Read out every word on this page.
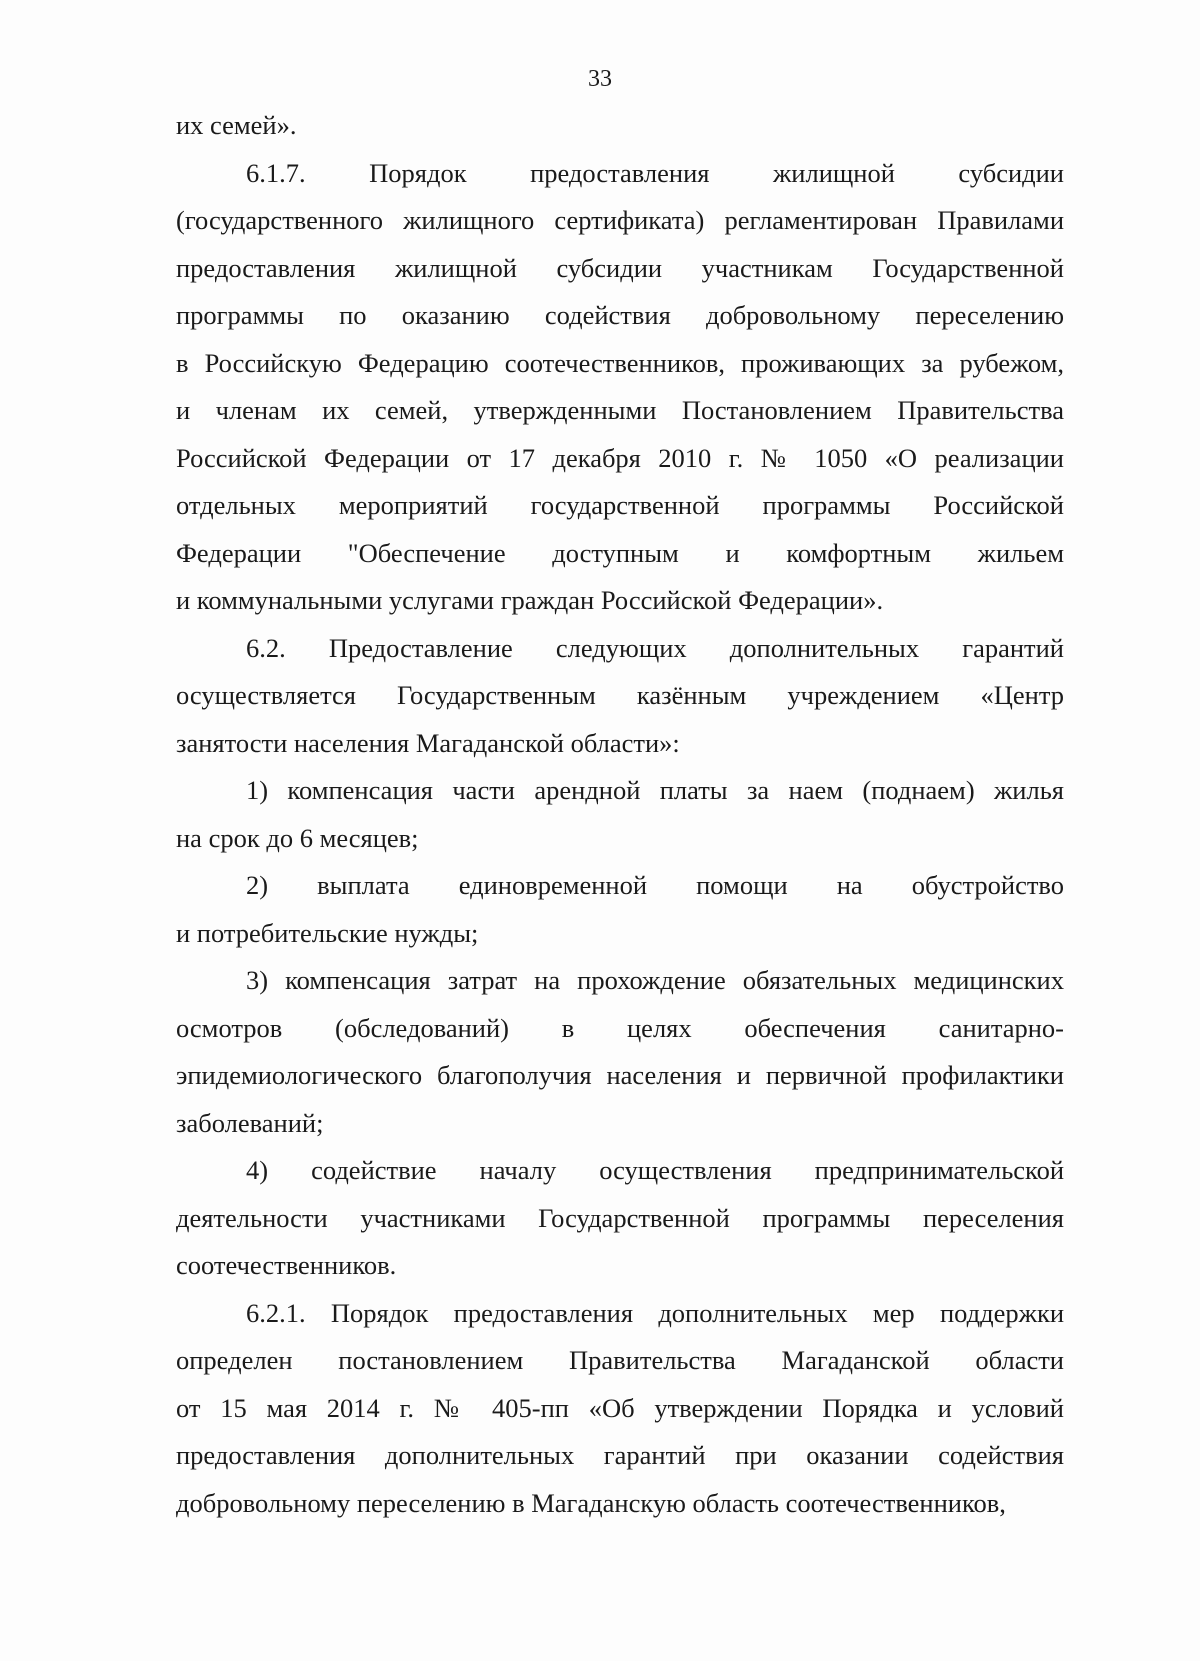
33
их семей».
6.1.7. Порядок предоставления жилищной субсидии
(государственного жилищного сертификата) регламентирован Правилами
предоставления жилищной субсидии участникам Государственной
программы по оказанию содействия добровольному переселению
в Российскую Федерацию соотечественников, проживающих за рубежом,
и членам их семей, утвержденными Постановлением Правительства
Российской Федерации от 17 декабря 2010 г. № 1050 «О реализации
отдельных мероприятий государственной программы Российской
Федерации "Обеспечение доступным и комфортным жильем
и коммунальными услугами граждан Российской Федерации».
6.2. Предоставление следующих дополнительных гарантий
осуществляется Государственным казённым учреждением «Центр
занятости населения Магаданской области»:
1) компенсация части арендной платы за наем (поднаем) жилья
на срок до 6 месяцев;
2) выплата единовременной помощи на обустройство
и потребительские нужды;
3) компенсация затрат на прохождение обязательных медицинских
осмотров (обследований) в целях обеспечения санитарно-
эпидемиологического благополучия населения и первичной профилактики
заболеваний;
4) содействие началу осуществления предпринимательской
деятельности участниками Государственной программы переселения
соотечественников.
6.2.1. Порядок предоставления дополнительных мер поддержки
определен постановлением Правительства Магаданской области
от 15 мая 2014 г. № 405-пп «Об утверждении Порядка и условий
предоставления дополнительных гарантий при оказании содействия
добровольному переселению в Магаданскую область соотечественников,
